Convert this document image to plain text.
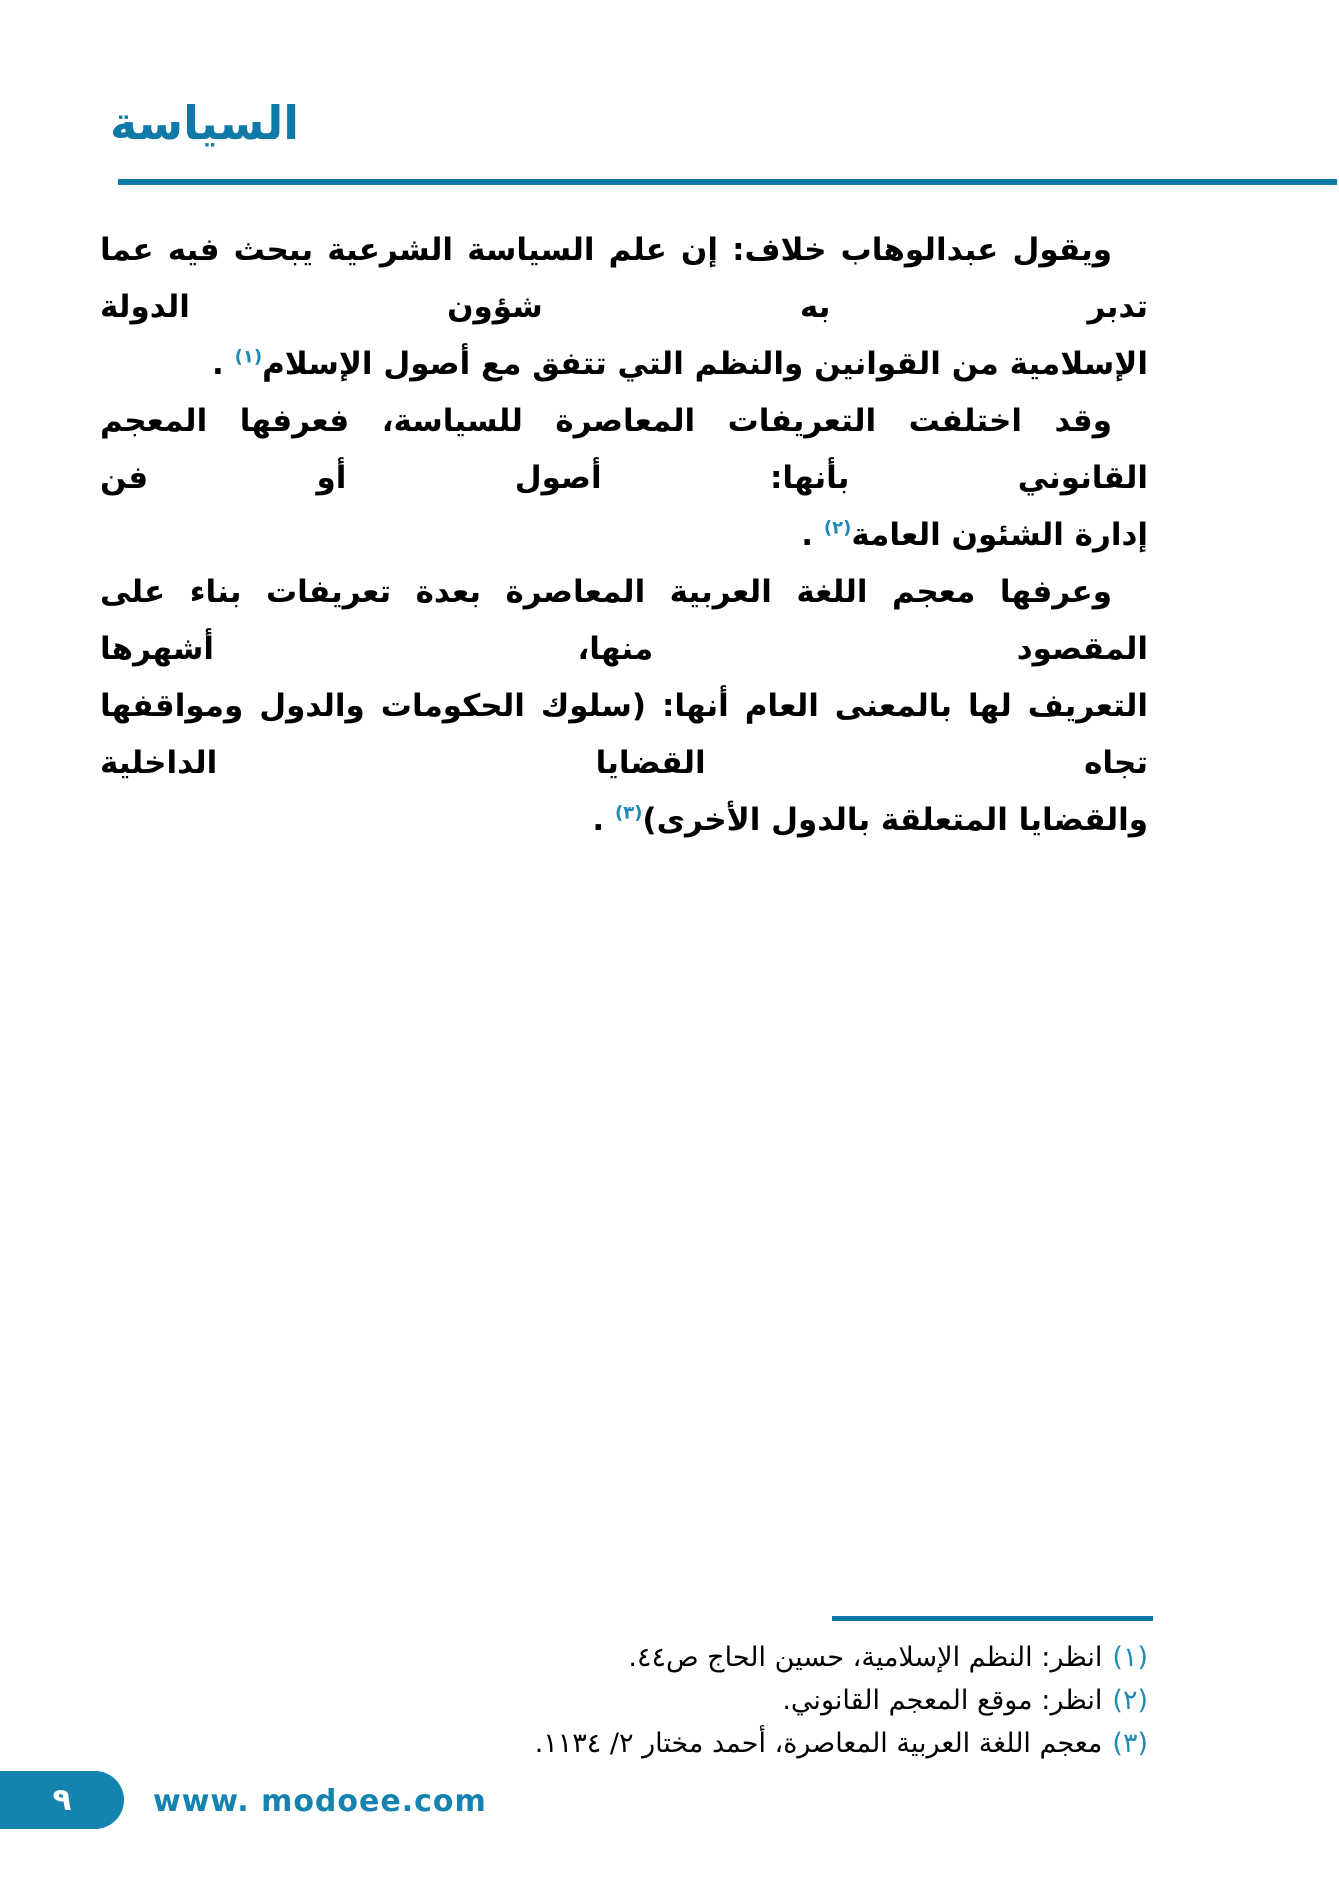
السياسة
ويقول عبدالوهاب خلاف: إن علم السياسة الشرعية يبحث فيه عما تدبر به شؤون الدولة
الإسلامية من القوانين والنظم التي تتفق مع أصول الإسلام$^{(١)}$ .
وقد اختلفت التعريفات المعاصرة للسياسة، فعرفها المعجم القانوني بأنها: أصول أو فن
إدارة الشئون العامة$^{(٢)}$ .
وعرفها معجم اللغة العربية المعاصرة بعدة تعريفات بناء على المقصود منها، أشهرها
التعريف لها بالمعنى العام أنها: (سلوك الحكومات والدول ومواقفها تجاه القضايا الداخلية
والقضايا المتعلقة بالدول الأخرى)$^{(٣)}$ .
(١)انظر: النظم الإسلامية، حسين الحاج ص٤٤.
(٢)انظر: موقع المعجم القانوني.
(٣)معجم اللغة العربية المعاصرة، أحمد مختار ٢/ ١١٣٤.
٩	www. modoee.com
